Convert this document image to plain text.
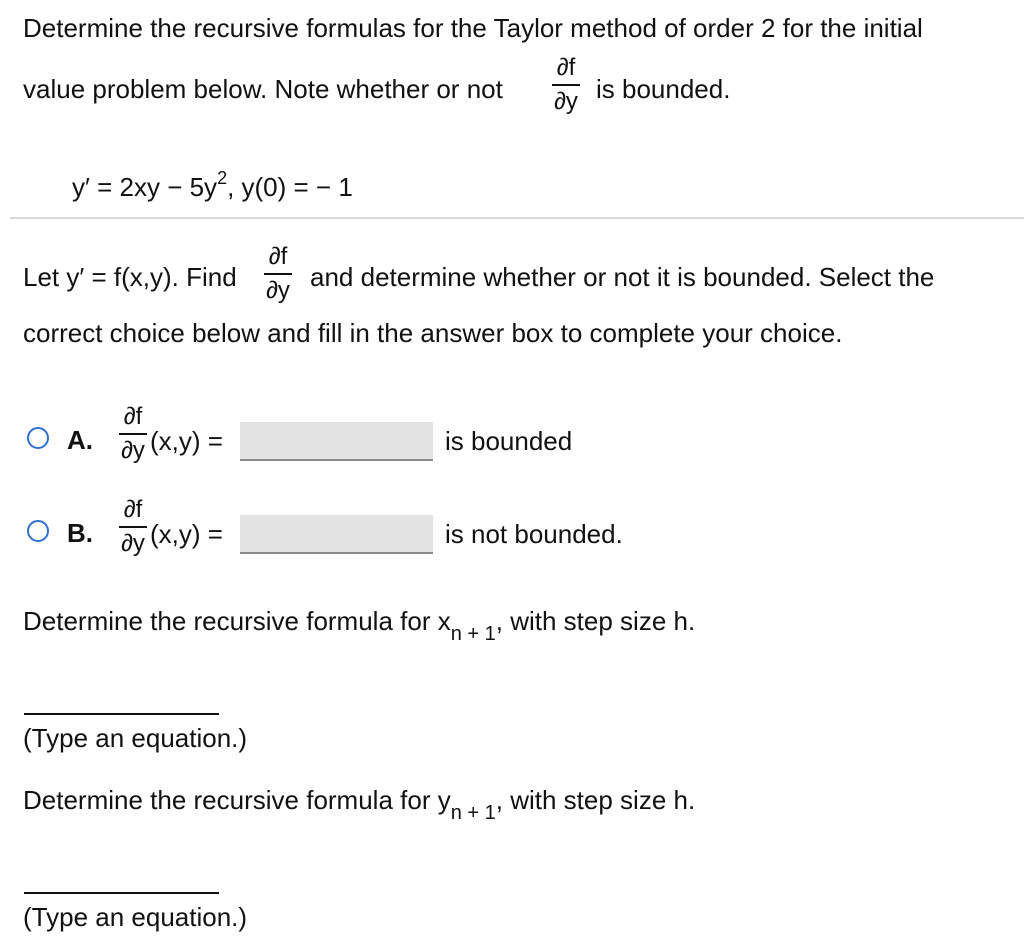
Determine the recursive formulas for the Taylor method of order 2 for the initial
value problem below. Note whether or not
∂f
∂y is bounded.
$y' = 2xy - 5y^2$, y(0) = − 1
Let y′ = f(x,y). Find
∂f
∂y and determine whether or not it is bounded. Select the
correct choice below and fill in the answer box to complete your choice.
A.
∂f
∂y (x,y) =	is bounded
B.
∂f
∂y (x,y) =	is not bounded.
Determine the recursive formula for $x_{n + 1}$, with step size h.
(Type an equation.)
Determine the recursive formula for $y_{n + 1}$, with step size h.
(Type an equation.)
